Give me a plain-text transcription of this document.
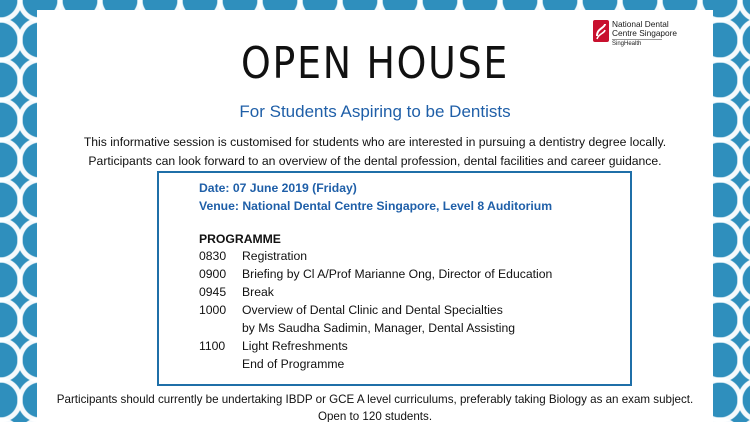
National Dental
Centre Singapore
SingHealth
OPEN HOUSE
For Students Aspiring to be Dentists
This informative session is customised for students who are interested in pursuing a dentistry degree locally.
Participants can look forward to an overview of the dental profession, dental facilities and career guidance.
Date: 07 June 2019 (Friday)
Venue: National Dental Centre Singapore, Level 8 Auditorium
PROGRAMME
0830	Registration
0900	Briefing by Cl A/Prof Marianne Ong, Director of Education
0945	Break
1000	Overview of Dental Clinic and Dental Specialties
by Ms Saudha Sadimin, Manager, Dental Assisting
1100	Light Refreshments
End of Programme
Participants should currently be undertaking IBDP or GCE A level curriculums, preferably taking Biology as an exam subject.
Open to 120 students.
